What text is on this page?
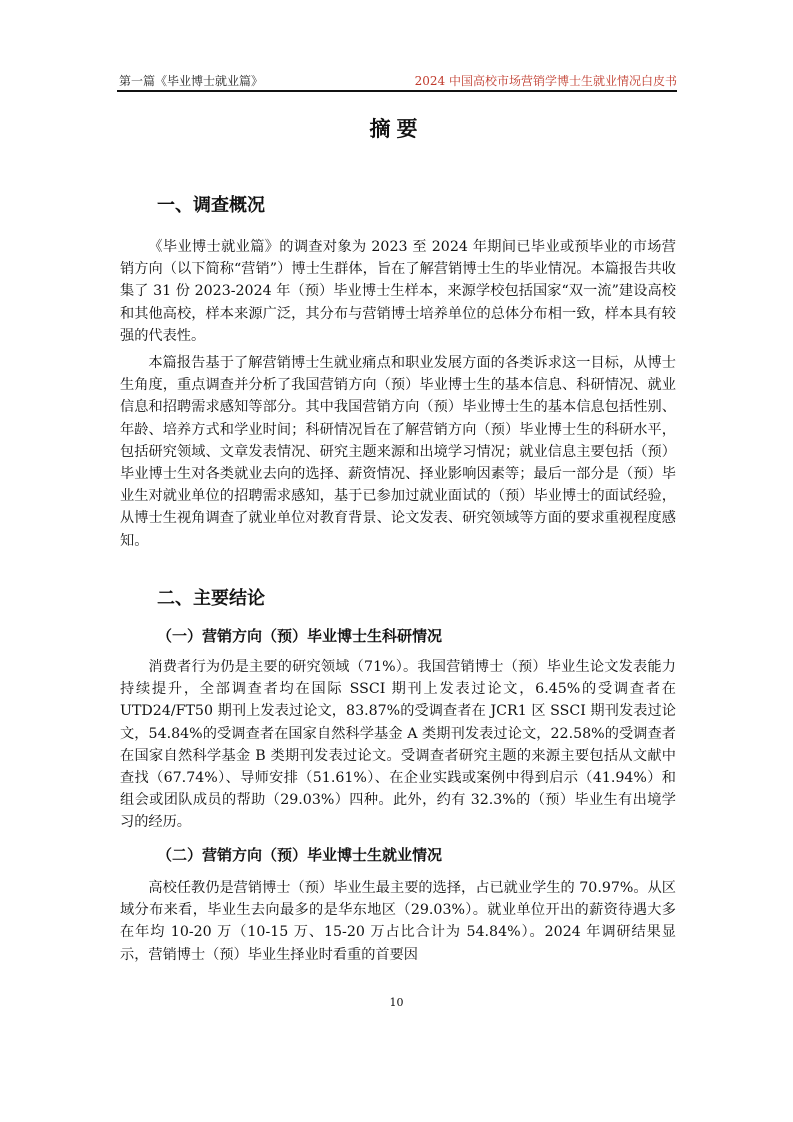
第一篇《毕业博士就业篇》	2024 中国高校市场营销学博士生就业情况白皮书
摘要
一、调查概况

《毕业博士就业篇》的调查对象为 2023 至 2024 年期间已毕业或预毕业的市场营销方向（以下简称“营销”）博士生群体，旨在了解营销博士生的毕业情况。本篇报告共收集了 31 份 2023-2024 年（预）毕业博士生样本，来源学校包括国家“双一流”建设高校和其他高校，样本来源广泛，其分布与营销博士培养单位的总体分布相一致，样本具有较强的代表性。

本篇报告基于了解营销博士生就业痛点和职业发展方面的各类诉求这一目标，从博士生角度，重点调查并分析了我国营销方向（预）毕业博士生的基本信息、科研情况、就业信息和招聘需求感知等部分。其中我国营销方向（预）毕业博士生的基本信息包括性别、年龄、培养方式和学业时间；科研情况旨在了解营销方向（预）毕业博士生的科研水平，包括研究领域、文章发表情况、研究主题来源和出境学习情况；就业信息主要包括（预）毕业博士生对各类就业去向的选择、薪资情况、择业影响因素等；最后一部分是（预）毕业生对就业单位的招聘需求感知，基于已参加过就业面试的（预）毕业博士的面试经验，从博士生视角调查了就业单位对教育背景、论文发表、研究领域等方面的要求重视程度感知。

二、主要结论
（一）营销方向（预）毕业博士生科研情况

消费者行为仍是主要的研究领域（71%）。我国营销博士（预）毕业生论文发表能力持续提升，全部调查者均在国际 SSCI 期刊上发表过论文，6.45%的受调查者在UTD24/FT50 期刊上发表过论文，83.87%的受调查者在 JCR1 区 SSCI 期刊发表过论文，54.84%的受调查者在国家自然科学基金 A 类期刊发表过论文，22.58%的受调查者在国家自然科学基金 B 类期刊发表过论文。受调查者研究主题的来源主要包括从文献中查找（67.74%）、导师安排（51.61%）、在企业实践或案例中得到启示（41.94%）和组会或团队成员的帮助（29.03%）四种。此外，约有 32.3%的（预）毕业生有出境学习的经历。

（二）营销方向（预）毕业博士生就业情况

高校任教仍是营销博士（预）毕业生最主要的选择，占已就业学生的 70.97%。从区域分布来看，毕业生去向最多的是华东地区（29.03%）。就业单位开出的薪资待遇大多在年均 10-20 万（10-15 万、15-20 万占比合计为 54.84%）。2024 年调研结果显示，营销博士（预）毕业生择业时看重的首要因

10
